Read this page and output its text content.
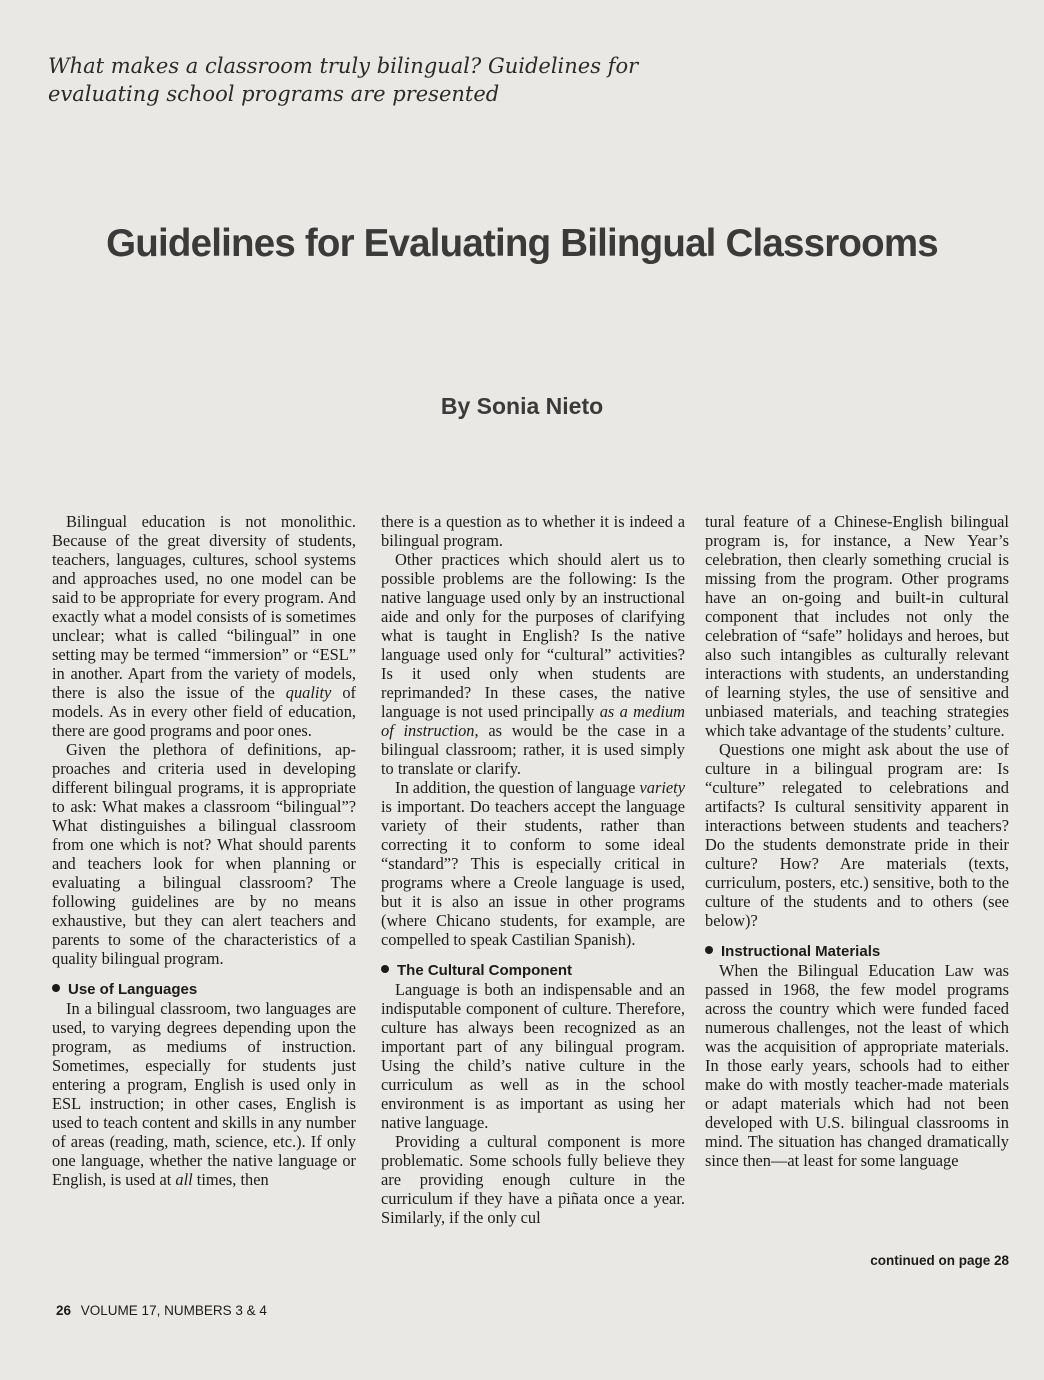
What makes a classroom truly bilingual? Guidelines for evaluating school programs are presented
Guidelines for Evaluating Bilingual Classrooms
By Sonia Nieto

Bilingual education is not monolithic. Because of the great diversity of students, teachers, languages, cultures, school systems and approaches used, no one model can be said to be appropriate for every program. And exactly what a model consists of is sometimes unclear; what is called “bilingual” in one setting may be termed “immersion” or “ESL” in another. Apart from the variety of models, there is also the issue of the quality of models. As in every other field of education, there are good programs and poor ones.

Given the plethora of definitions, approaches and criteria used in developing different bilingual programs, it is appropriate to ask: What makes a classroom “bilingual”? What distinguishes a bilingual classroom from one which is not? What should parents and teachers look for when planning or evaluating a bilingual classroom? The following guidelines are by no means exhaustive, but they can alert teachers and parents to some of the characteristics of a quality bilingual program.

Use of Languages

In a bilingual classroom, two languages are used, to varying degrees depending upon the program, as mediums of instruction. Sometimes, especially for students just entering a program, English is used only in ESL instruction; in other cases, English is used to teach content and skills in any number of areas (reading, math, science, etc.). If only one language, whether the native language or English, is used at all times, then

there is a question as to whether it is indeed a bilingual program.

Other practices which should alert us to possible problems are the following: Is the native language used only by an instructional aide and only for the purposes of clarifying what is taught in English? Is the native language used only for “cultural” activities? Is it used only when students are reprimanded? In these cases, the native language is not used principally as a medium of instruction, as would be the case in a bilingual classroom; rather, it is used simply to translate or clarify.

In addition, the question of language variety is important. Do teachers accept the language variety of their students, rather than correcting it to conform to some ideal “standard”? This is especially critical in programs where a Creole language is used, but it is also an issue in other programs (where Chicano students, for example, are compelled to speak Castilian Spanish).

The Cultural Component

Language is both an indispensable and an indisputable component of culture. Therefore, culture has always been recognized as an important part of any bilingual program. Using the child’s native culture in the curriculum as well as in the school environment is as important as using her native language.

Providing a cultural component is more problematic. Some schools fully believe they are providing enough culture in the curriculum if they have a piñata once a year. Similarly, if the only cul

tural feature of a Chinese-English bilingual program is, for instance, a New Year’s celebration, then clearly something crucial is missing from the program. Other programs have an on-going and built-in cultural component that includes not only the celebration of “safe” holidays and heroes, but also such intangibles as culturally relevant interactions with students, an understanding of learning styles, the use of sensitive and unbiased materials, and teaching strategies which take advantage of the students’ culture.

Questions one might ask about the use of culture in a bilingual program are: Is “culture” relegated to celebrations and artifacts? Is cultural sensitivity apparent in interactions between students and teachers? Do the students demonstrate pride in their culture? How? Are materials (texts, curriculum, posters, etc.) sensitive, both to the culture of the students and to others (see below)?

Instructional Materials

When the Bilingual Education Law was passed in 1968, the few model programs across the country which were funded faced numerous challenges, not the least of which was the acquisition of appropriate materials. In those early years, schools had to either make do with mostly teacher-made materials or adapt materials which had not been developed with U.S. bilingual classrooms in mind. The situation has changed dramatically since then—at least for some language

continued on page 28
26 VOLUME 17, NUMBERS 3 & 4
